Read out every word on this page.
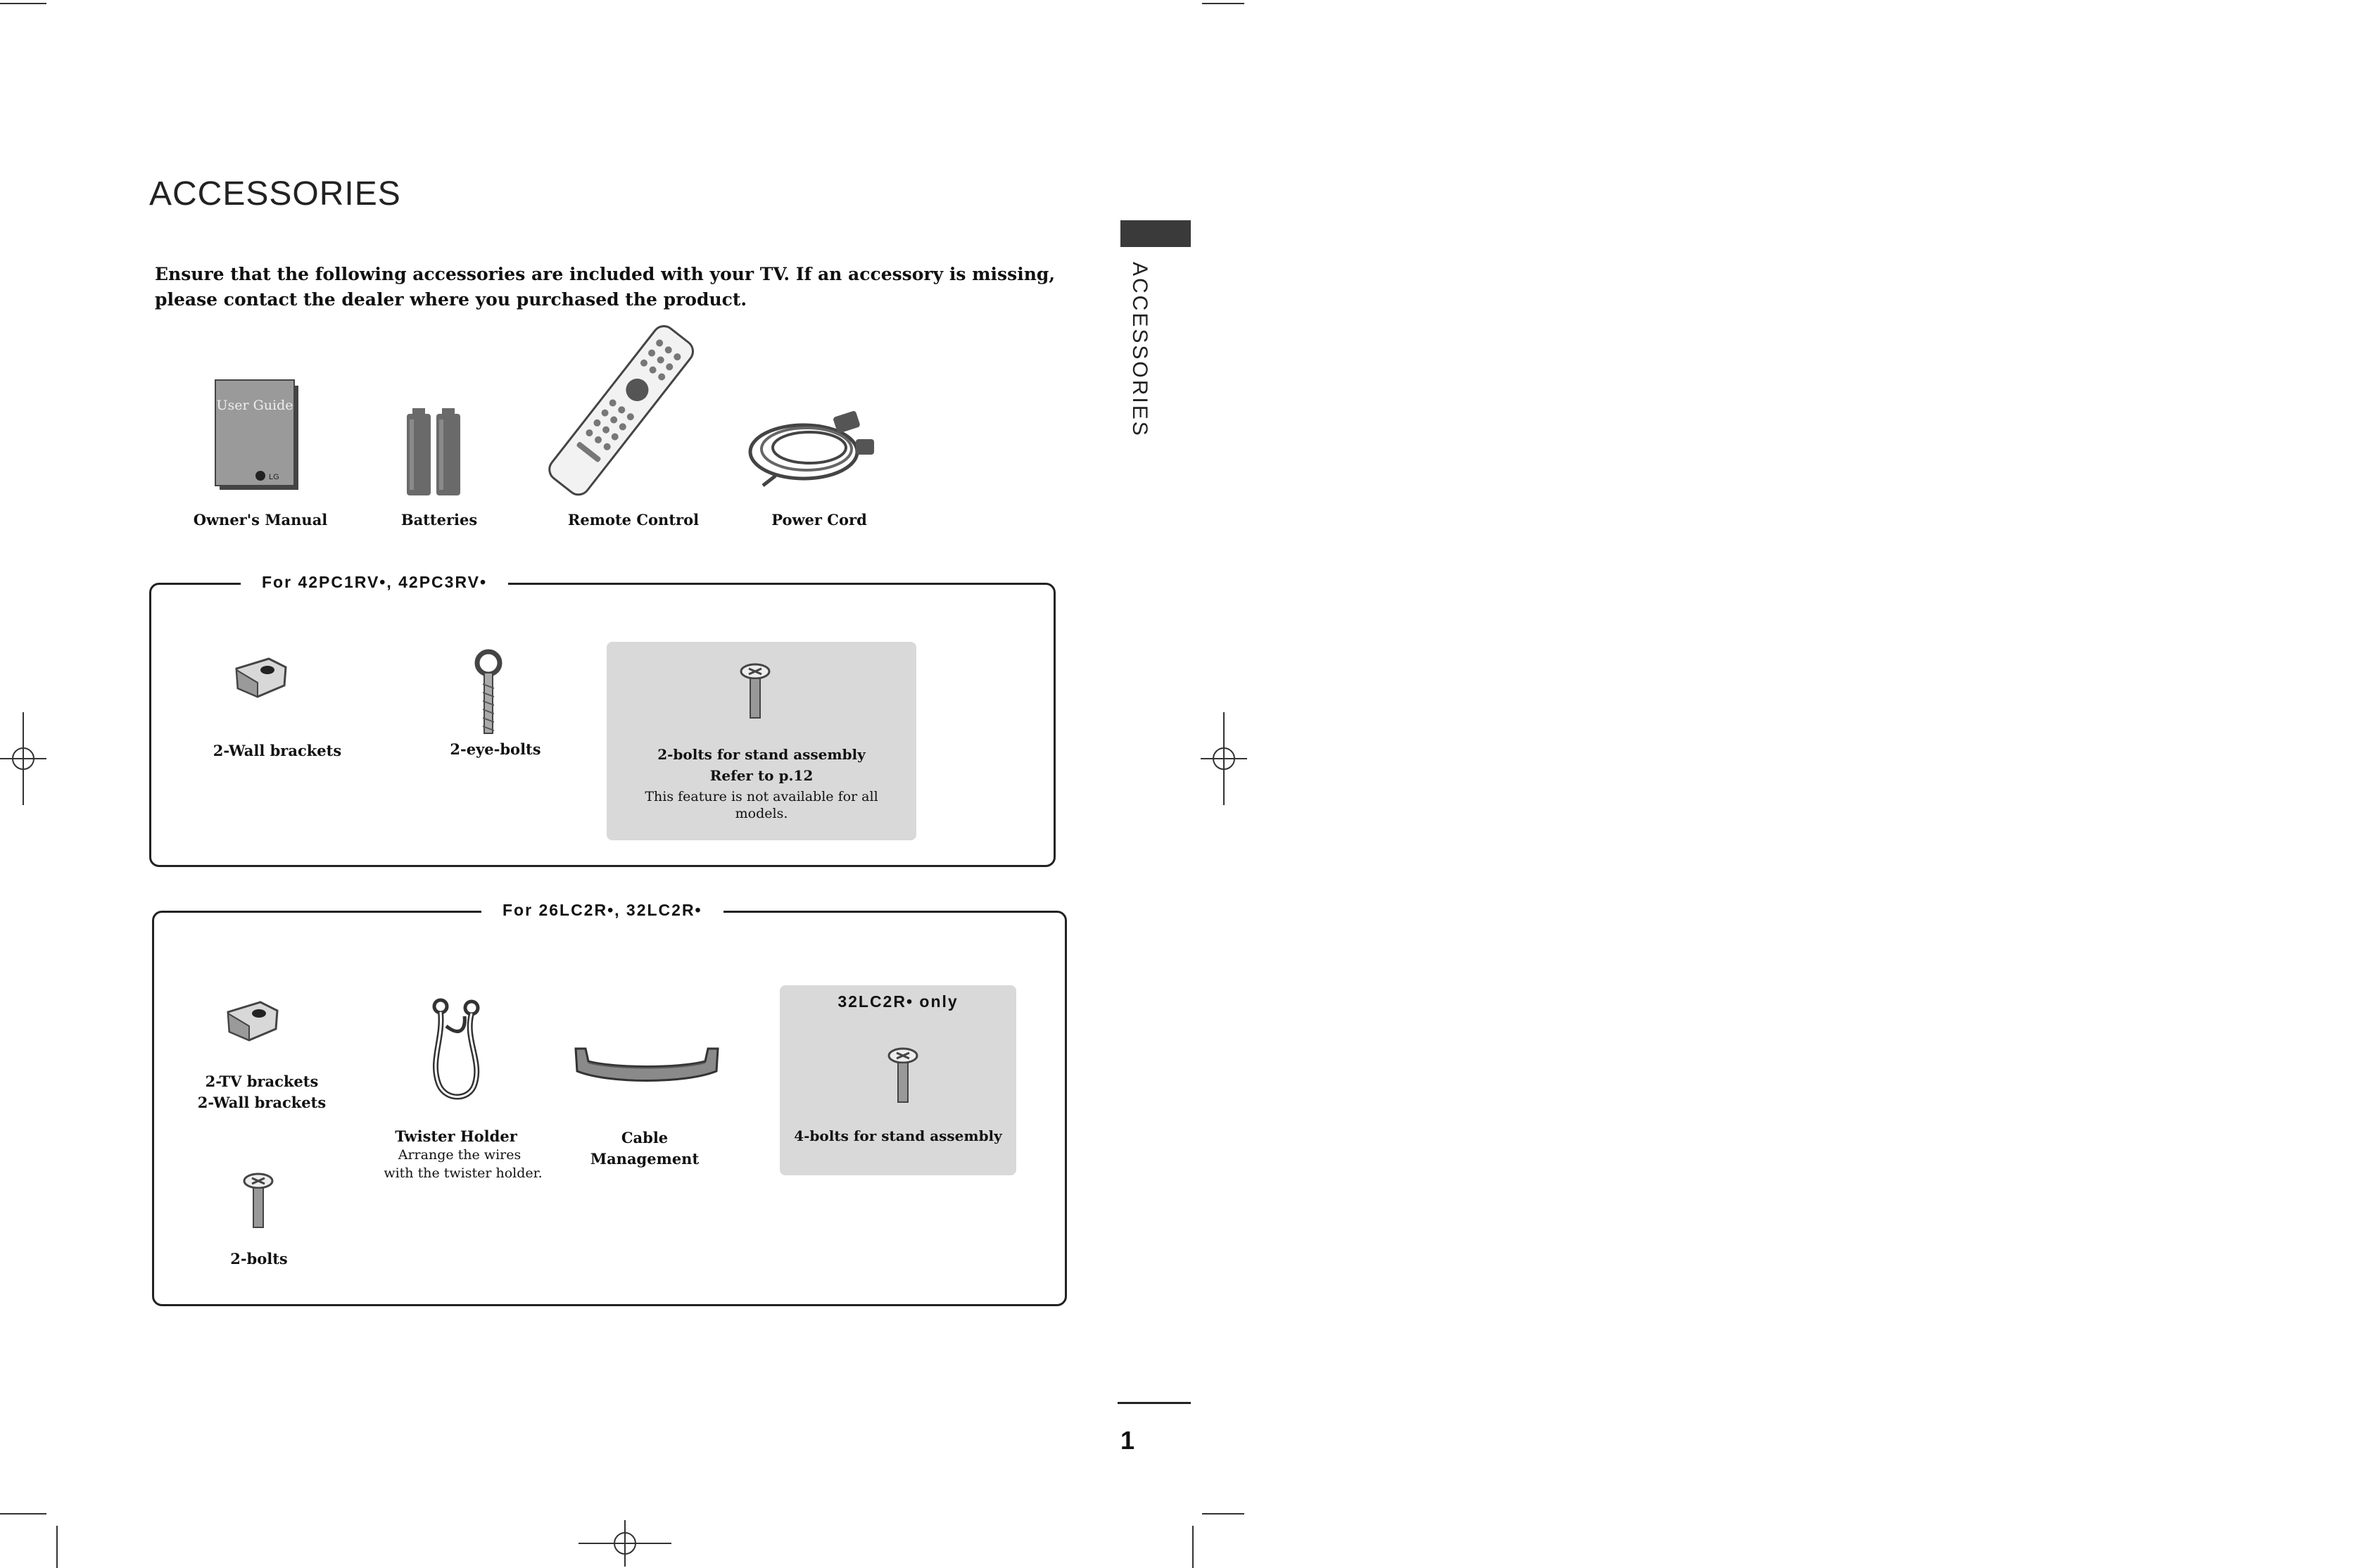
ACCESSORIES
Ensure that the following accessories are included with your TV. If an accessory is missing, please contact the dealer where you purchased the product.	ACCESSORIES
User Guide
LG
Owner's Manual	Batteries	Remote Control	Power Cord
For 42PC1RV•, 42PC3RV•
2-Wall brackets	2-eye-bolts	2-bolts for stand assembly
Refer to p.12
This feature is not available for all models.
For 26LC2R•, 32LC2R•
2-TV brackets
2-Wall brackets
Twister Holder
Arrange the wires
with the twister holder.
Cable
Management
2-bolts
32LC2R• only
4-bolts for stand assembly
1
